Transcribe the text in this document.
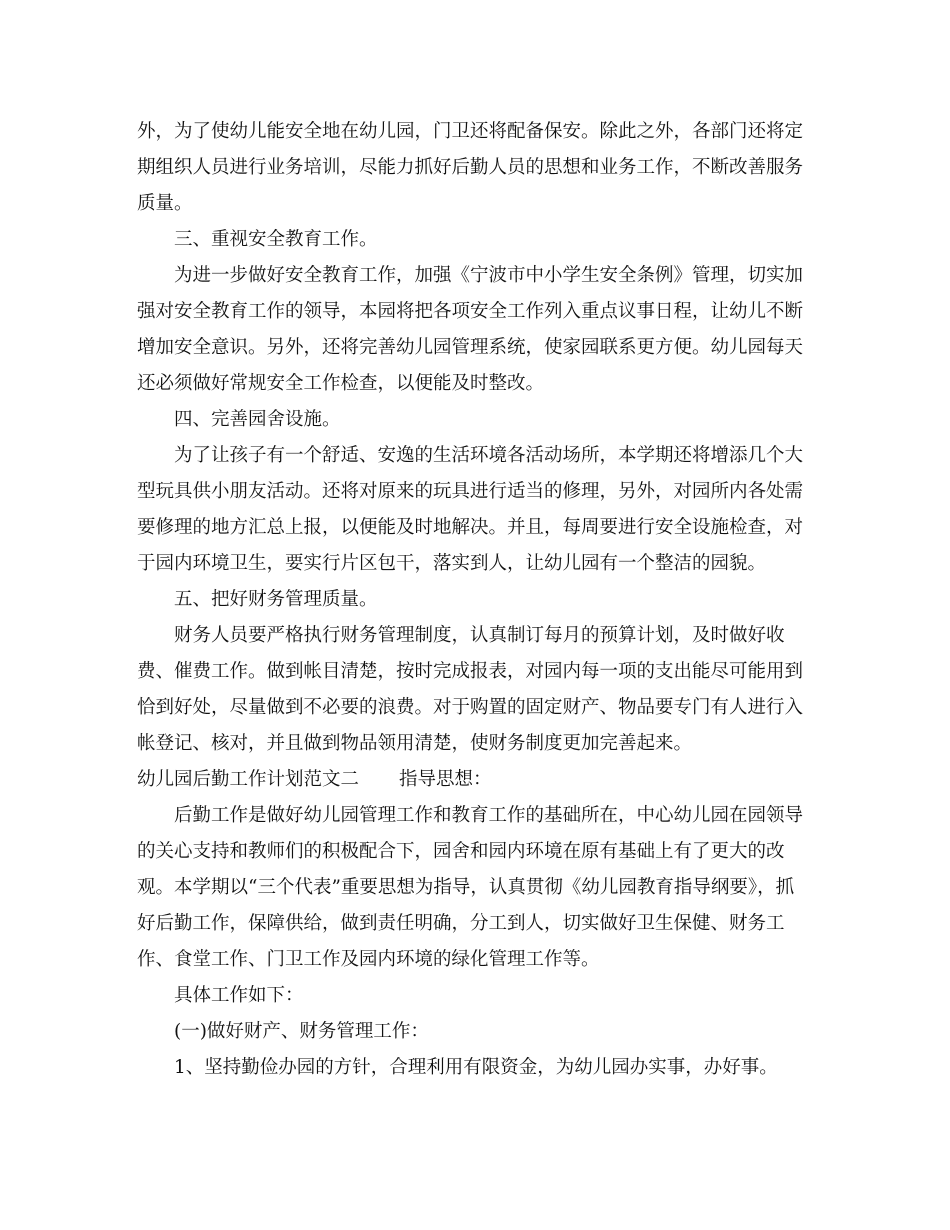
外，为了使幼儿能安全地在幼儿园，门卫还将配备保安。除此之外，各部门还将定
期组织人员进行业务培训，尽能力抓好后勤人员的思想和业务工作，不断改善服务
质量。
三、重视安全教育工作。
为进一步做好安全教育工作，加强《宁波市中小学生安全条例》管理，切实加
强对安全教育工作的领导，本园将把各项安全工作列入重点议事日程，让幼儿不断
增加安全意识。另外，还将完善幼儿园管理系统，使家园联系更方便。幼儿园每天
还必须做好常规安全工作检查，以便能及时整改。
四、完善园舍设施。
为了让孩子有一个舒适、安逸的生活环境各活动场所，本学期还将增添几个大
型玩具供小朋友活动。还将对原来的玩具进行适当的修理，另外，对园所内各处需
要修理的地方汇总上报，以便能及时地解决。并且，每周要进行安全设施检查，对
于园内环境卫生，要实行片区包干，落实到人，让幼儿园有一个整洁的园貌。
五、把好财务管理质量。
财务人员要严格执行财务管理制度，认真制订每月的预算计划，及时做好收
费、催费工作。做到帐目清楚，按时完成报表，对园内每一项的支出能尽可能用到
恰到好处，尽量做到不必要的浪费。对于购置的固定财产、物品要专门有人进行入
帐登记、核对，并且做到物品领用清楚，使财务制度更加完善起来。
幼儿园后勤工作计划范文二 指导思想：
后勤工作是做好幼儿园管理工作和教育工作的基础所在，中心幼儿园在园领导
的关心支持和教师们的积极配合下，园舍和园内环境在原有基础上有了更大的改
观。本学期以“三个代表”重要思想为指导，认真贯彻《幼儿园教育指导纲要》，抓
好后勤工作，保障供给，做到责任明确，分工到人，切实做好卫生保健、财务工
作、食堂工作、门卫工作及园内环境的绿化管理工作等。
具体工作如下：
(一)做好财产、财务管理工作：
1、坚持勤俭办园的方针，合理利用有限资金，为幼儿园办实事，办好事。
